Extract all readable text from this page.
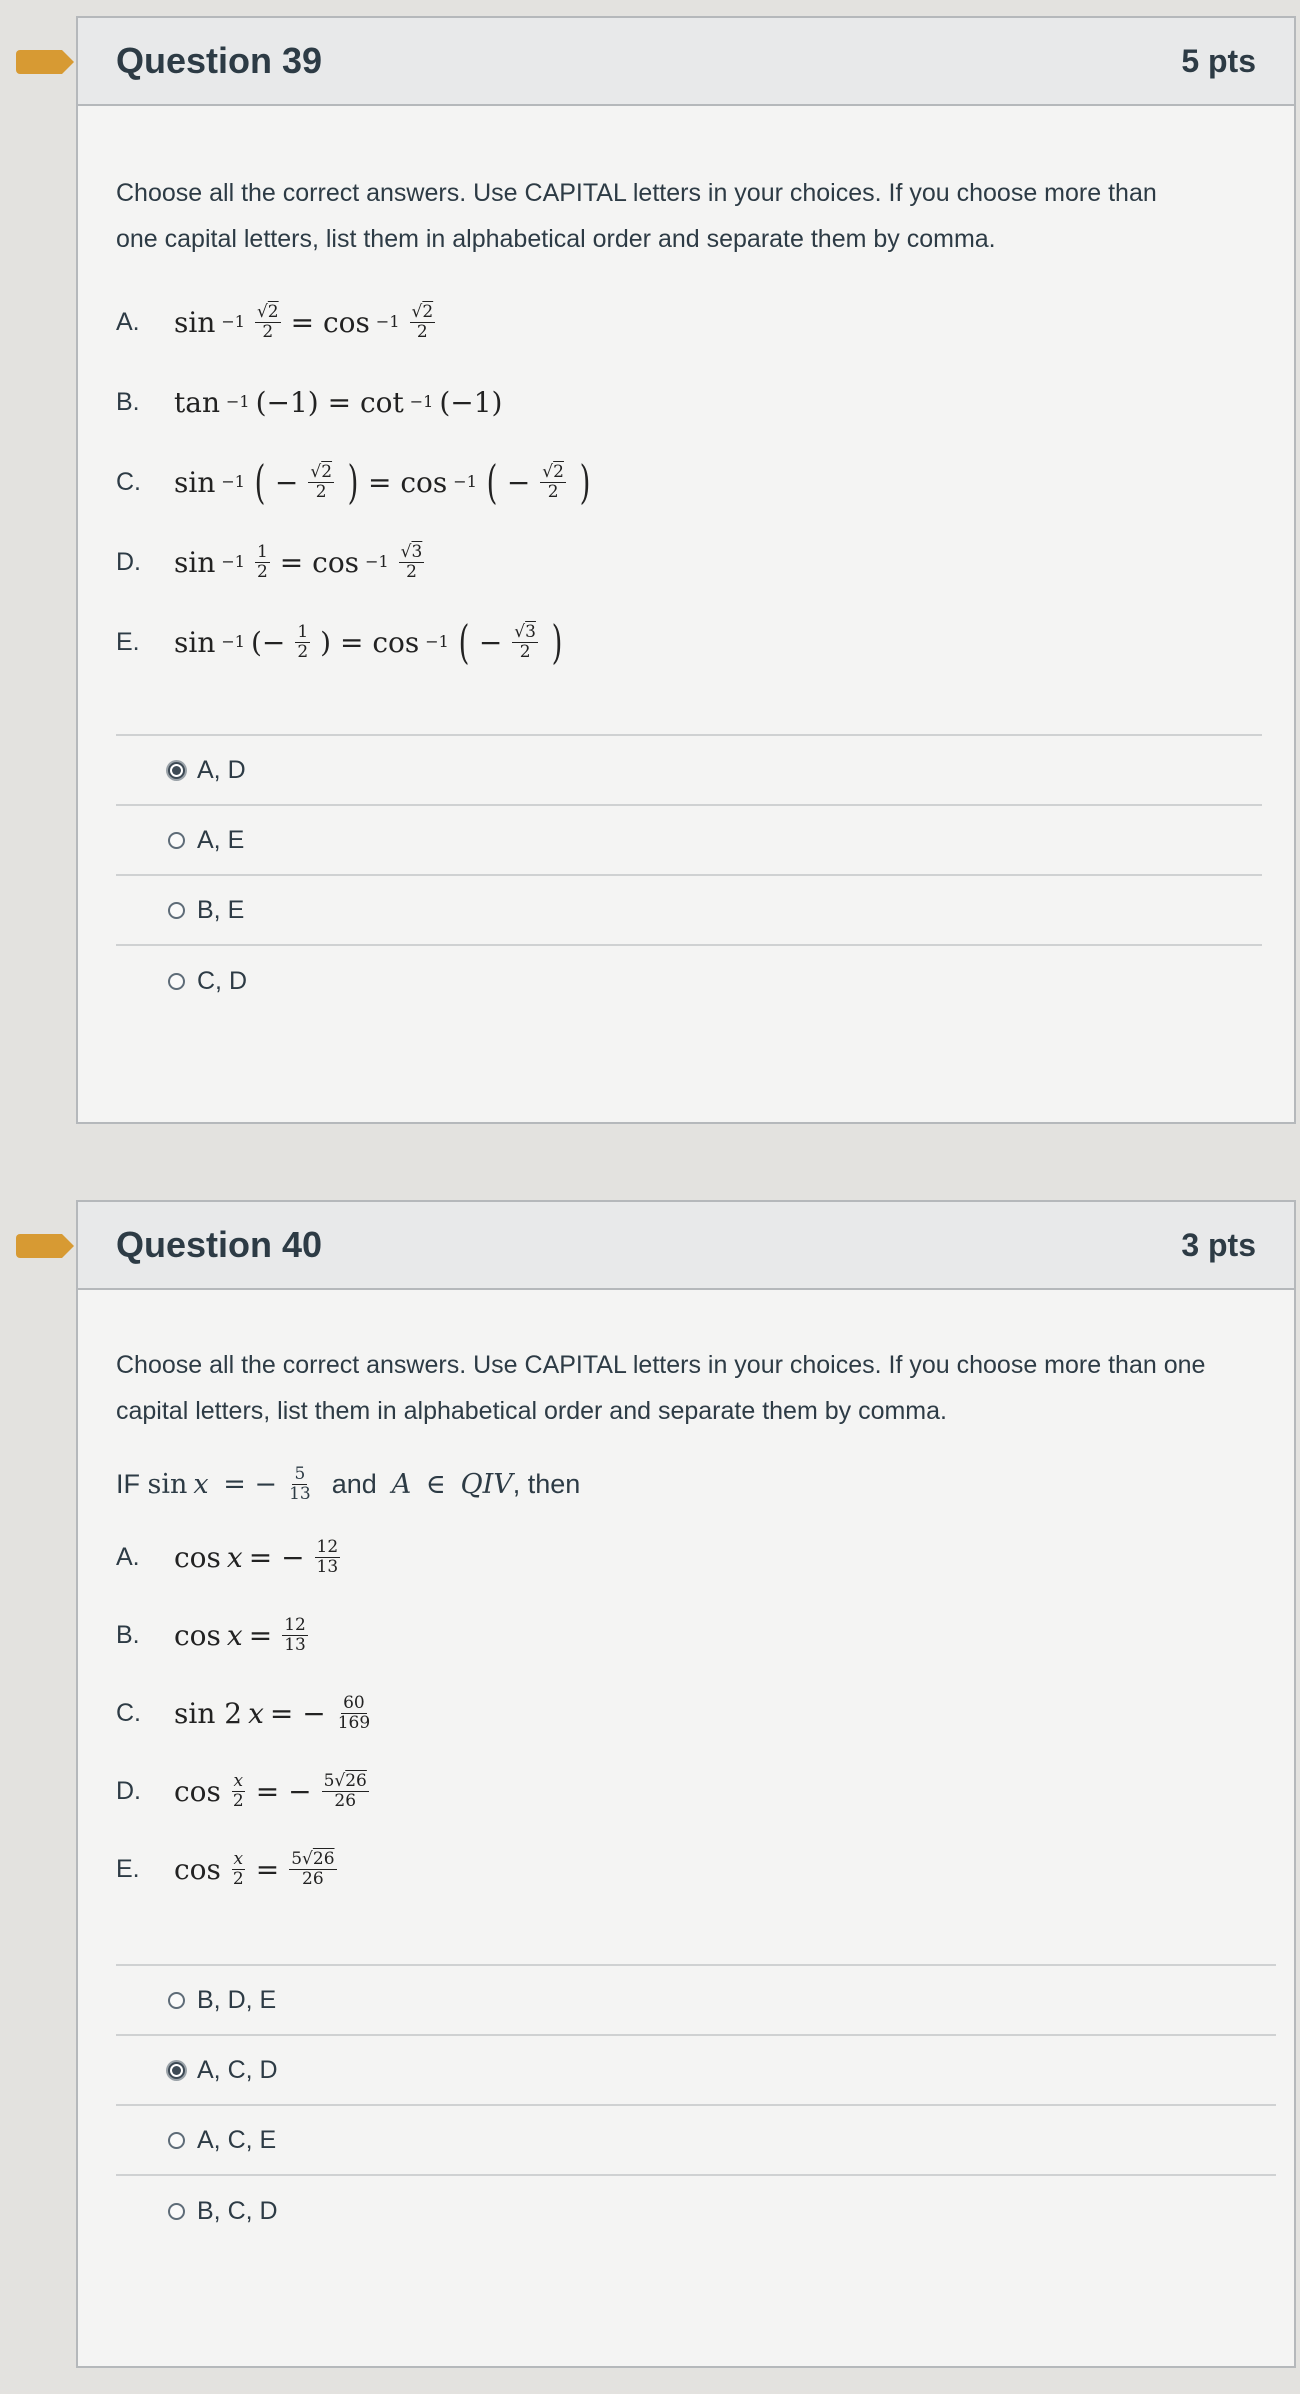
Question 39	5 pts
Choose all the correct answers. Use CAPITAL letters in your choices. If you choose more than one capital letters, list them in alphabetical order and separate them by comma.
A.	$\sin -1 \frac{√2}{2} = \cos -1 \frac{√2}{2}$
B.	tan −1 (−1) = cot −1 (−1)
C.	sin −1 ( − $\frac{√2}{2}$ ) = cos −1 ( − $\frac{√2}{2}$ )
D.	$\sin -1 \frac{1}{2} = \cos -1 \frac{√3}{2}$
E.	sin −1 (− $\frac{1}{2}$ ) = cos −1 ( − $\frac{√3}{2}$ )
A, D
A, E
B, E
C, D
Question 40	3 pts
Choose all the correct answers. Use CAPITAL letters in your choices. If you choose more than one capital letters, list them in alphabetical order and separate them by comma.
IF
sin x = − $\frac{5}{13}$
and
A ∈ QIV , then
A.	cos x = − $\frac{12}{13}$
B.	$\cos x = \frac{12}{13}$
C.	sin 2 x = − $\frac{60}{169}$
D.	$\cos \frac{x}{2}$ = − $\frac{5√26}{26}$
E.	$\cos \frac{x}{2} = \frac{5√26}{26}$
B, D, E
A, C, D
A, C, E
B, C, D
